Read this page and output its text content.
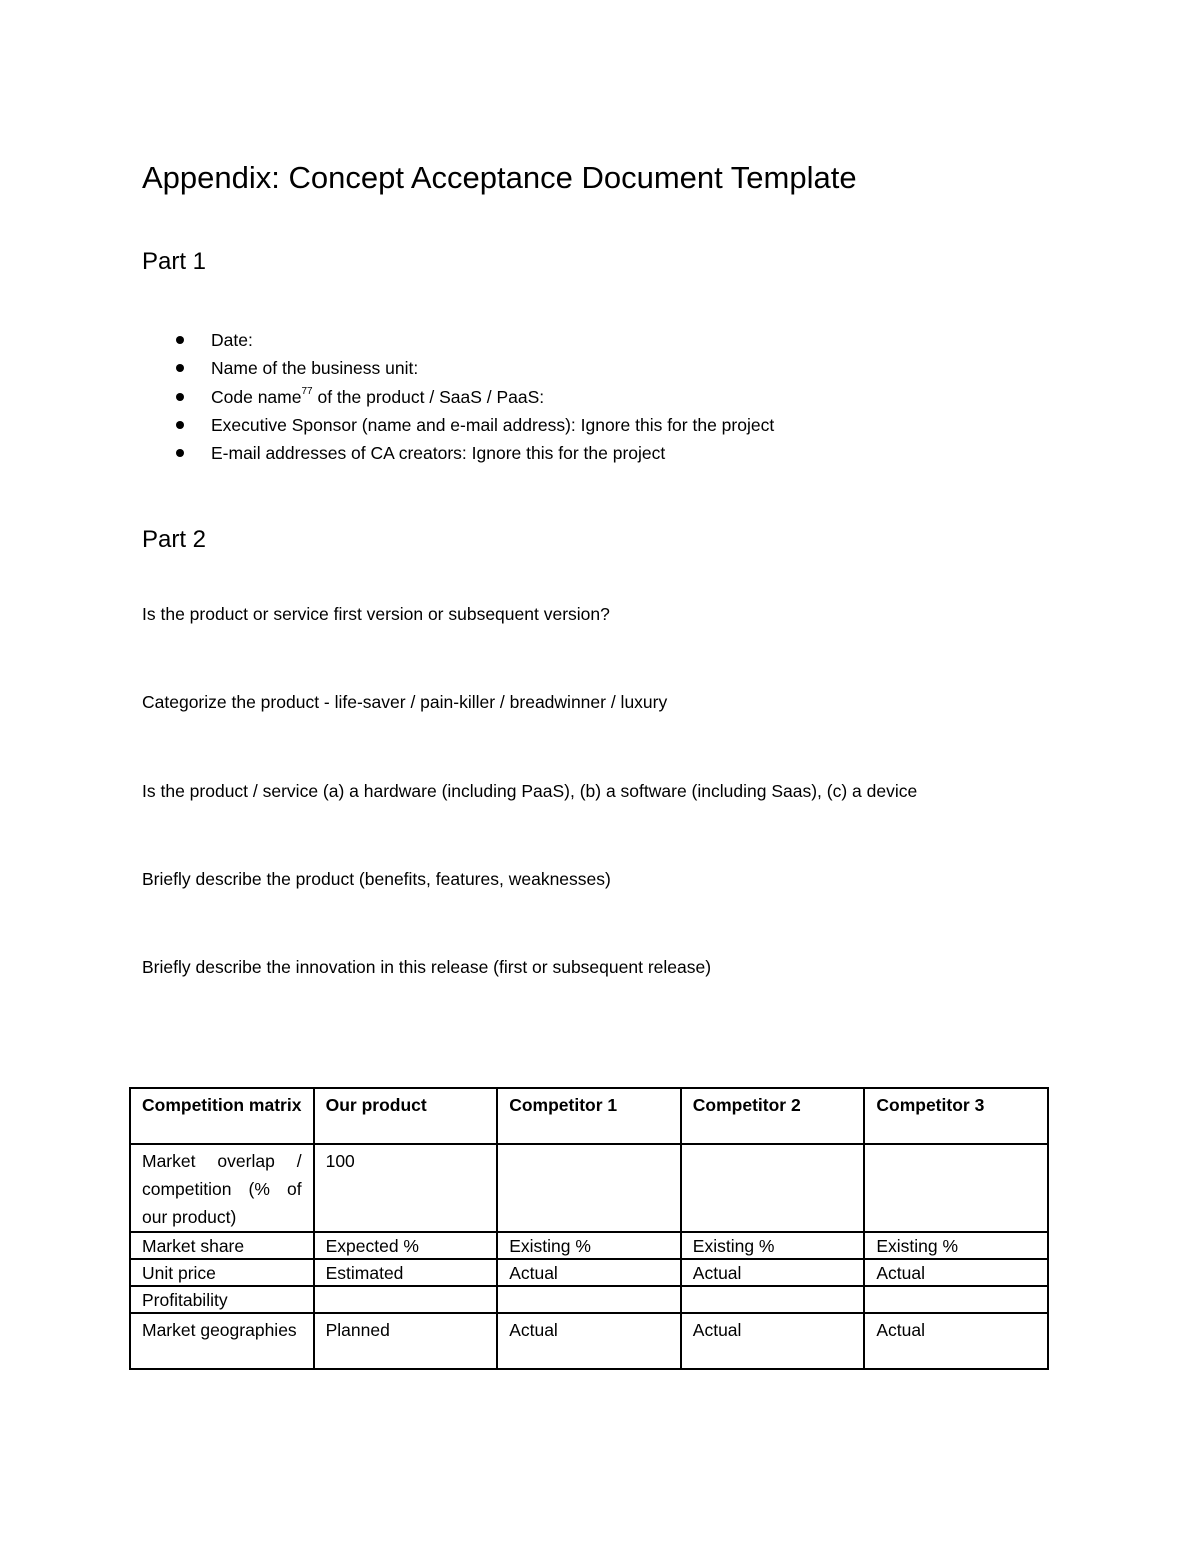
Appendix: Concept Acceptance Document Template
Part 1
Date:
Name of the business unit:
Code name$^{77}$ of the product / SaaS / PaaS:
Executive Sponsor (name and e-mail address): Ignore this for the project
E-mail addresses of CA creators: Ignore this for the project
Part 2

Is the product or service first version or subsequent version?

Categorize the product - life-saver / pain-killer / breadwinner / luxury

Is the product / service (a) a hardware (including PaaS), (b) a software (including Saas), (c) a device

Briefly describe the product (benefits, features, weaknesses)

Briefly describe the innovation in this release (first or subsequent release)

Competition matrix	Our product	Competitor 1	Competitor 2	Competitor 3
Market overlap / competition (% of our product)	100			
Market share	Expected %	Existing %	Existing %	Existing %
Unit price	Estimated	Actual	Actual	Actual
Profitability				
Market geographies	Planned	Actual	Actual	Actual
